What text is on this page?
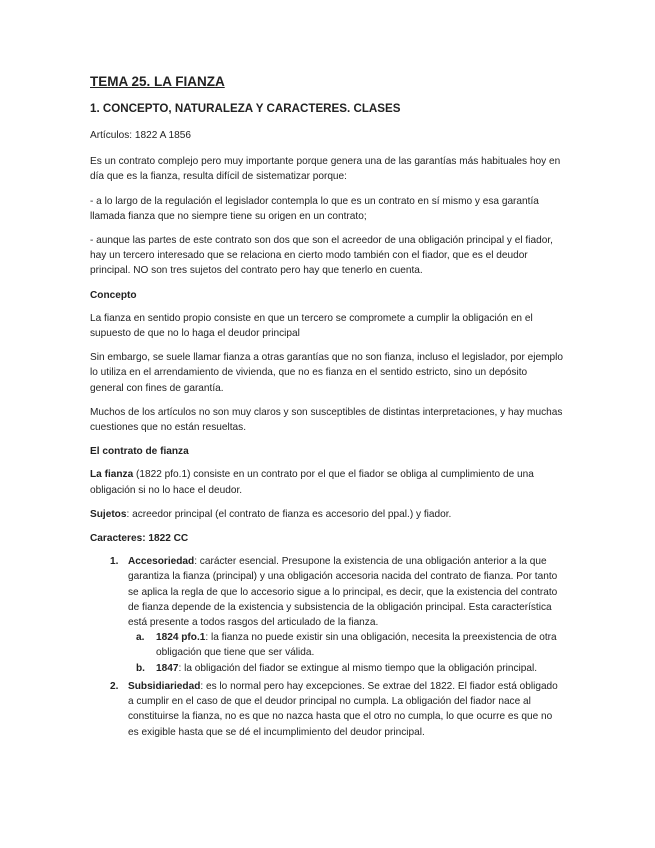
TEMA 25. LA FIANZA
1. CONCEPTO, NATURALEZA Y CARACTERES. CLASES

Artículos: 1822 A 1856

Es un contrato complejo pero muy importante porque genera una de las garantías más habituales hoy en día que es la fianza, resulta difícil de sistematizar porque:

- a lo largo de la regulación el legislador contempla lo que es un contrato en sí mismo y esa garantía llamada fianza que no siempre tiene su origen en un contrato;

- aunque las partes de este contrato son dos que son el acreedor de una obligación principal y el fiador, hay un tercero interesado que se relaciona en cierto modo también con el fiador, que es el deudor principal. NO son tres sujetos del contrato pero hay que tenerlo en cuenta.

Concepto

La fianza en sentido propio consiste en que un tercero se compromete a cumplir la obligación en el supuesto de que no lo haga el deudor principal

Sin embargo, se suele llamar fianza a otras garantías que no son fianza, incluso el legislador, por ejemplo lo utiliza en el arrendamiento de vivienda, que no es fianza en el sentido estricto, sino un depósito general con fines de garantía.

Muchos de los artículos no son muy claros y son susceptibles de distintas interpretaciones, y hay muchas cuestiones que no están resueltas.

El contrato de fianza

La fianza (1822 pfo.1) consiste en un contrato por el que el fiador se obliga al cumplimiento de una obligación si no lo hace el deudor.

Sujetos: acreedor principal (el contrato de fianza es accesorio del ppal.) y fiador.

Caracteres: 1822 CC

1. Accesoriedad: carácter esencial. Presupone la existencia de una obligación anterior a la que garantiza la fianza (principal) y una obligación accesoria nacida del contrato de fianza. Por tanto se aplica la regla de que lo accesorio sigue a lo principal, es decir, que la existencia del contrato de fianza depende de la existencia y subsistencia de la obligación principal. Esta característica está presente a todos rasgos del articulado de la fianza.
a. 1824 pfo.1: la fianza no puede existir sin una obligación, necesita la preexistencia de otra obligación que tiene que ser válida.
b. 1847: la obligación del fiador se extingue al mismo tiempo que la obligación principal.
2. Subsidiariedad: es lo normal pero hay excepciones. Se extrae del 1822. El fiador está obligado a cumplir en el caso de que el deudor principal no cumpla. La obligación del fiador nace al constituirse la fianza, no es que no nazca hasta que el otro no cumpla, lo que ocurre es que no es exigible hasta que se dé el incumplimiento del deudor principal.
